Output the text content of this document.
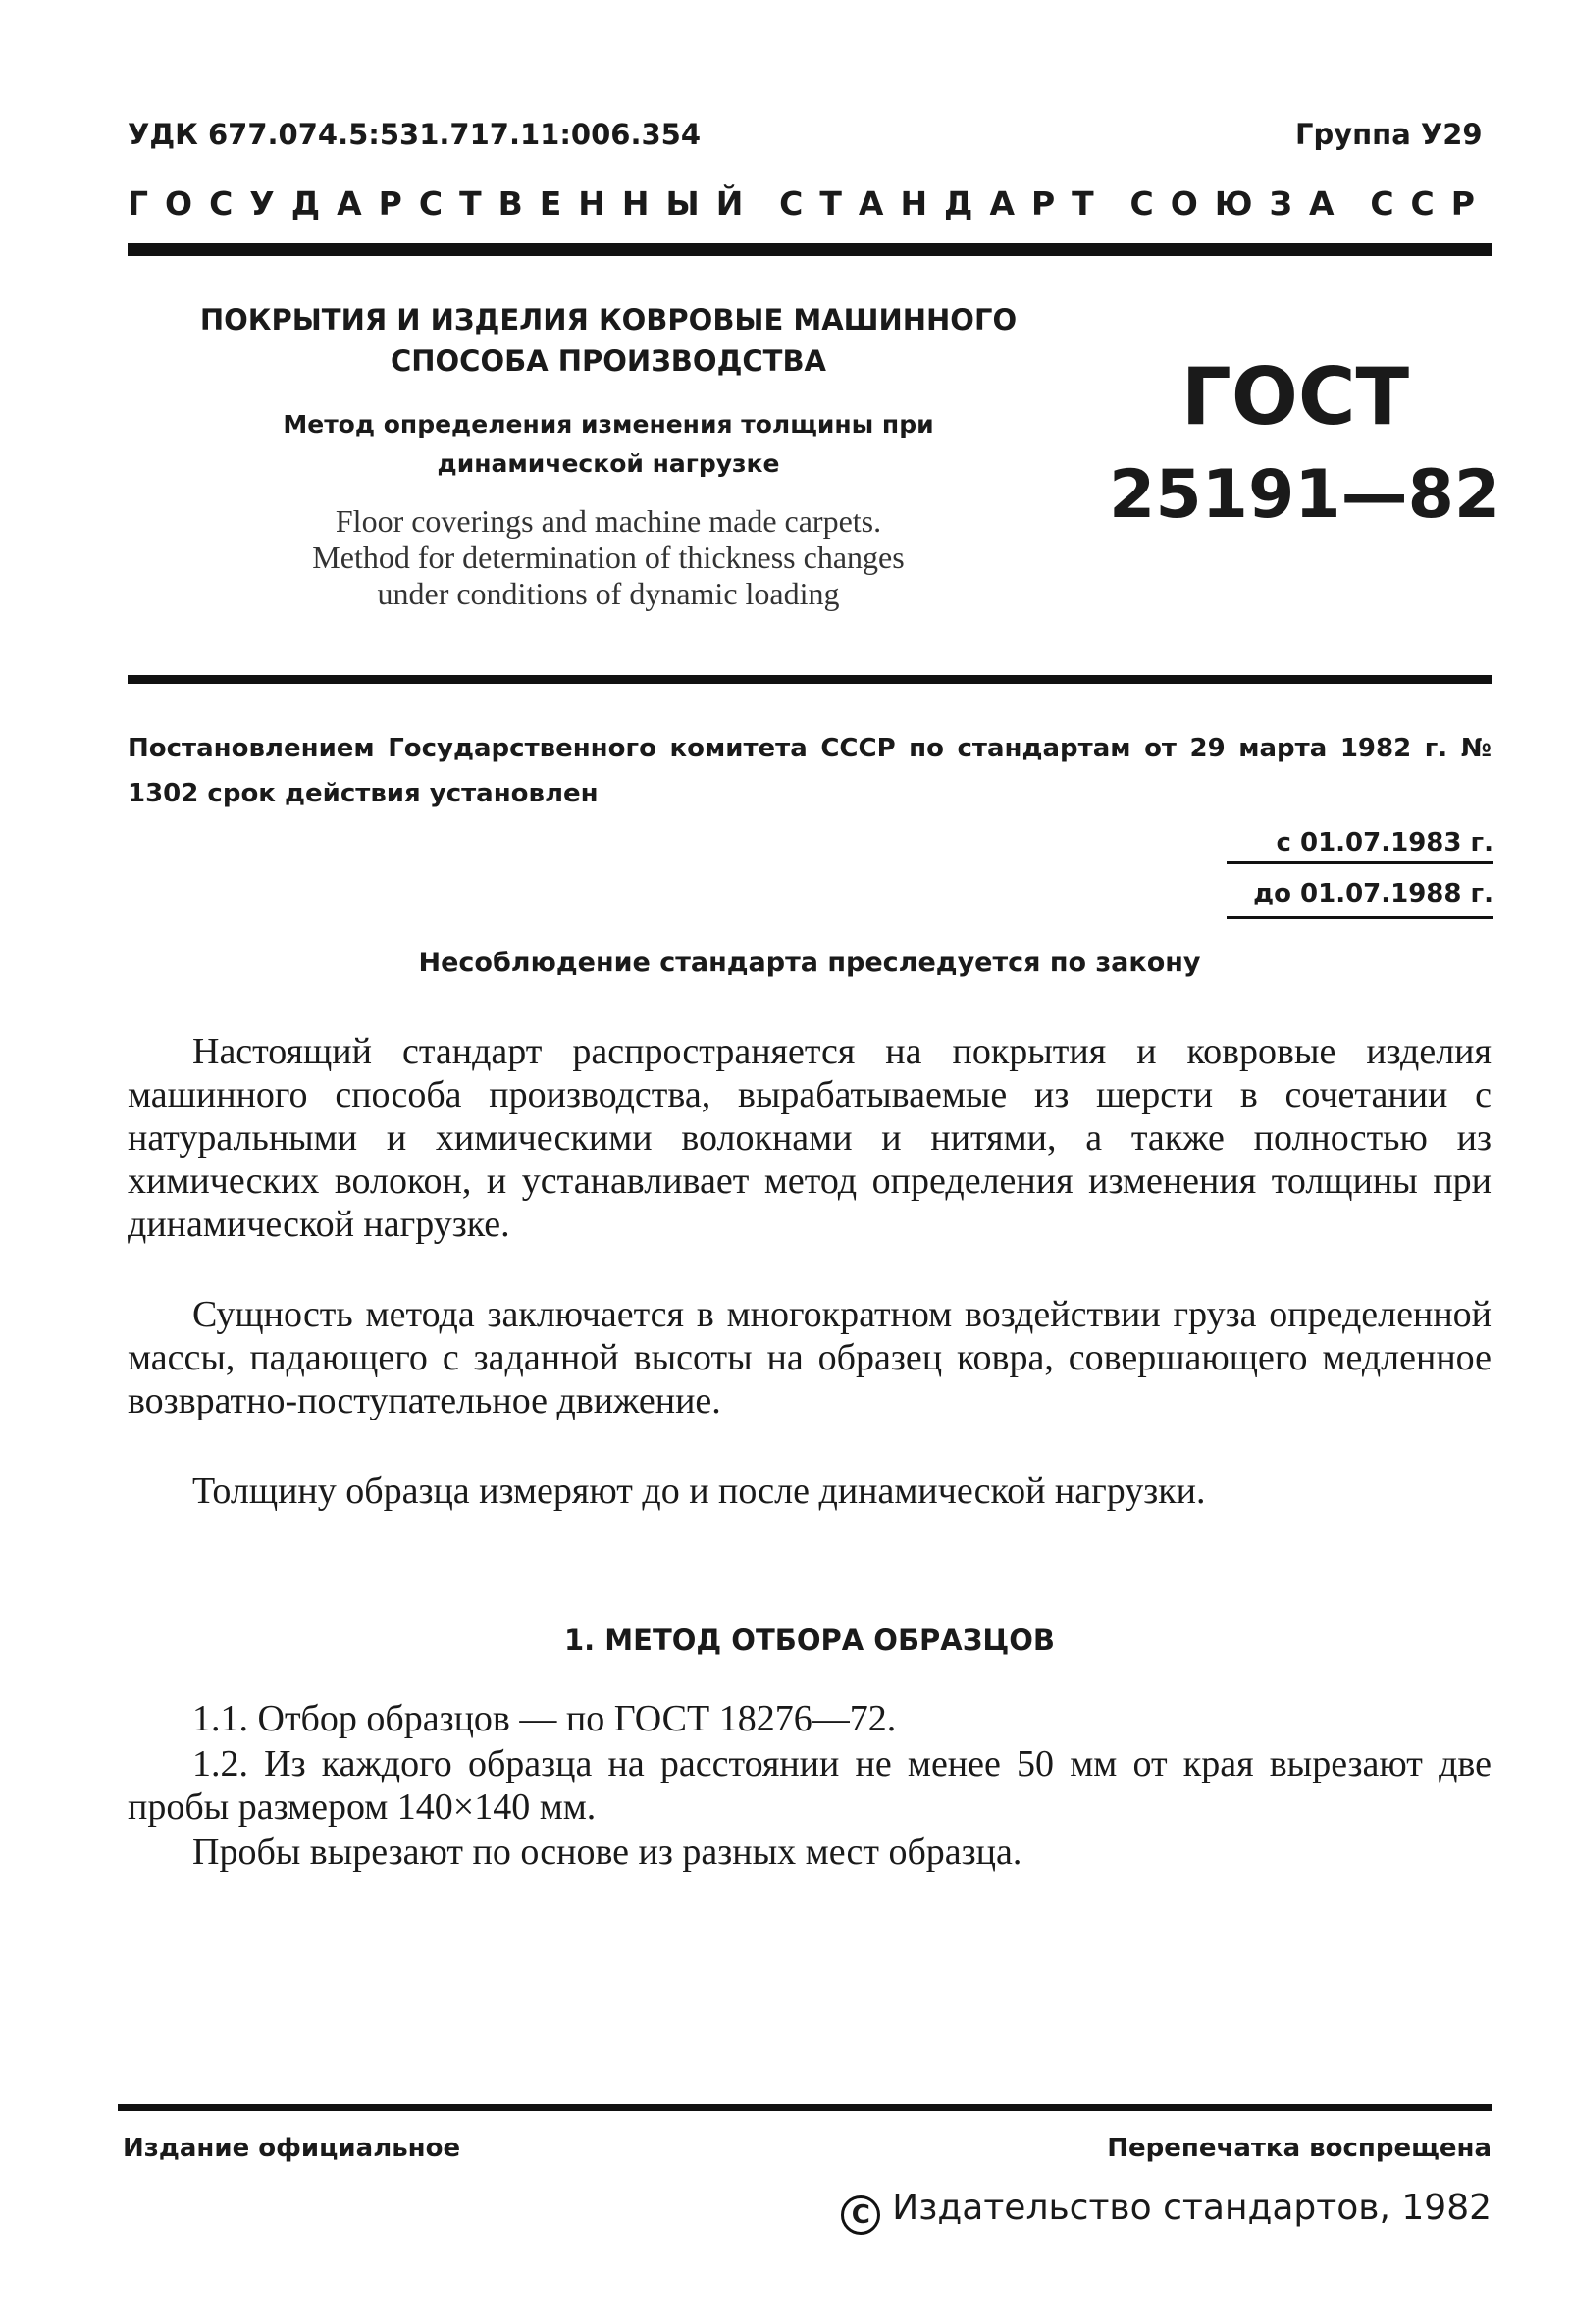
УДК 677.074.5:531.717.11:006.354	Группа У29
ГОСУДАРСТВЕННЫЙ СТАНДАРТ СОЮЗА ССР

ПОКРЫТИЯ И ИЗДЕЛИЯ КОВРОВЫЕ МАШИННОГО
СПОСОБА ПРОИЗВОДСТВА

Метод определения изменения толщины при
динамической нагрузке

Floor coverings and machine made carpets.
Method for determination of thickness changes
under conditions of dynamic loading

ГОСТ
25191—82
Постановлением Государственного комитета СССР по стандартам от 29 марта 1982 г. № 1302 срок действия установлен
с 01.07.1983 г.
до 01.07.1988 г.
Несоблюдение стандарта преследуется по закону

Настоящий стандарт распространяется на покрытия и ковровые изделия машинного способа производства, вырабатываемые из шерсти в сочетании с натуральными и химическими волокнами и нитями, а также полностью из химических волокон, и устанавливает метод определения изменения толщины при динамической нагрузке.

Сущность метода заключается в многократном воздействии груза определенной массы, падающего с заданной высоты на образец ковра, совершающего медленное возвратно-поступательное движение.

Толщину образца измеряют до и после динамической нагрузки.

1. МЕТОД ОТБОРА ОБРАЗЦОВ

1.1. Отбор образцов — по ГОСТ 18276—72.

1.2. Из каждого образца на расстоянии не менее 50 мм от края вырезают две пробы размером 140×140 мм.

Пробы вырезают по основе из разных мест образца.

Издание официальное	Перепечатка воспрещена
C Издательство стандартов, 1982
